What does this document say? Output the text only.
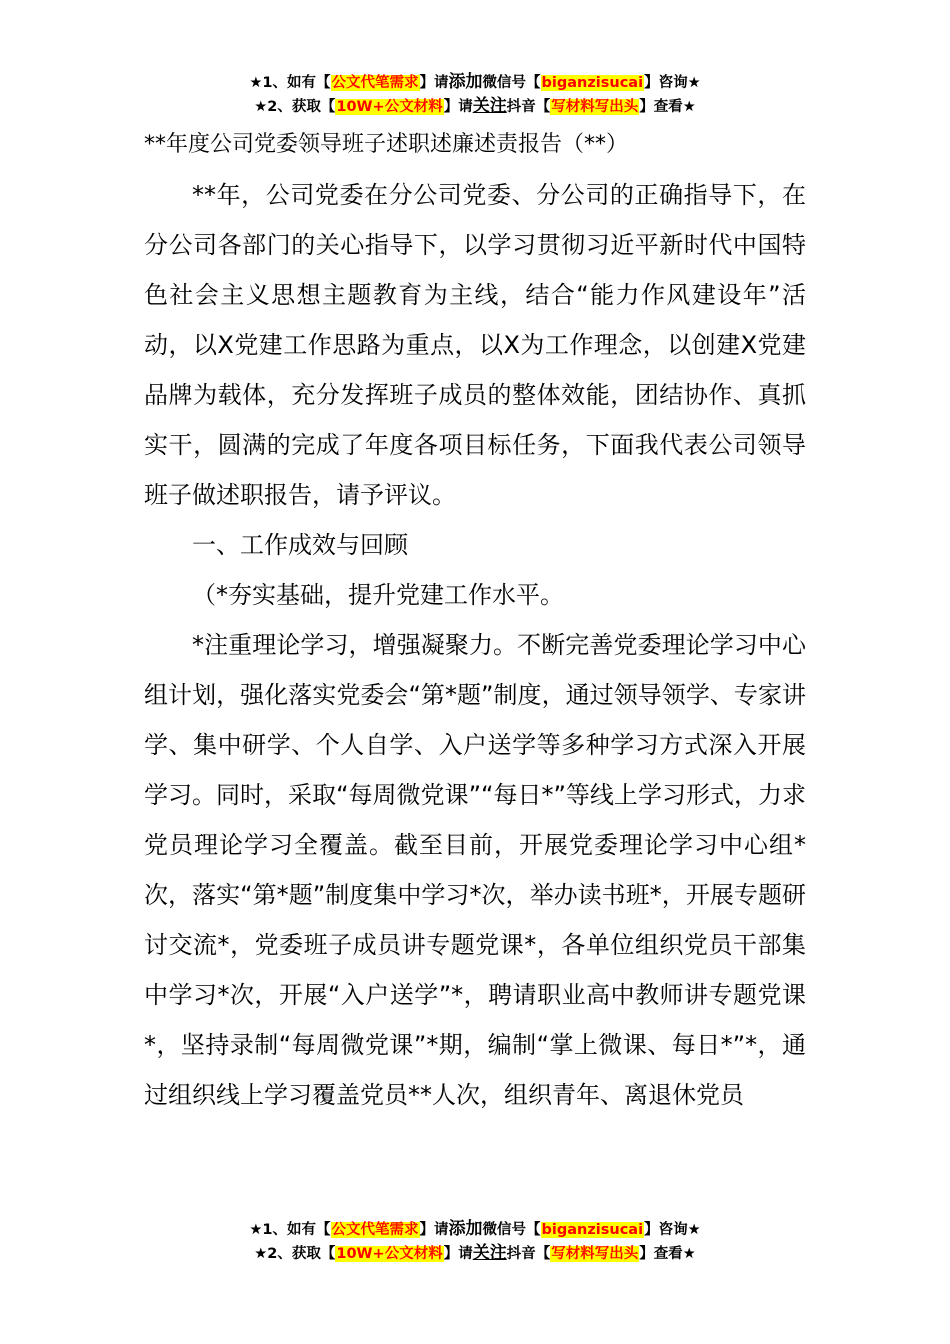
★1、如有【公文代笔需求】请添加微信号【biganzisucai】咨询★
★2、获取【10W+公文材料】请关注抖音【写材料写出头】查看★

**年度公司党委领导班子述职述廉述责报告（**）

**年，公司党委在分公司党委、分公司的正确指导下，在分公司各部门的关心指导下，以学习贯彻习近平新时代中国特色社会主义思想主题教育为主线，结合“能力作风建设年”活动，以X党建工作思路为重点，以X为工作理念，以创建X党建品牌为载体，充分发挥班子成员的整体效能，团结协作、真抓实干，圆满的完成了年度各项目标任务，下面我代表公司领导班子做述职报告，请予评议。

一、工作成效与回顾

（*夯实基础，提升党建工作水平。

*注重理论学习，增强凝聚力。不断完善党委理论学习中心组计划，强化落实党委会“第*题”制度，通过领导领学、专家讲学、集中研学、个人自学、入户送学等多种学习方式深入开展学习。同时，采取“每周微党课”“每日*”等线上学习形式，力求党员理论学习全覆盖。截至目前，开展党委理论学习中心组*次，落实“第*题”制度集中学习*次，举办读书班*，开展专题研讨交流*，党委班子成员讲专题党课*，各单位组织党员干部集中学习*次，开展“入户送学”*，聘请职业高中教师讲专题党课*，坚持录制“每周微党课”*期，编制“掌上微课、每日*”*，通过组织线上学习覆盖党员**人次，组织青年、离退休党员

★1、如有【公文代笔需求】请添加微信号【biganzisucai】咨询★
★2、获取【10W+公文材料】请关注抖音【写材料写出头】查看★
